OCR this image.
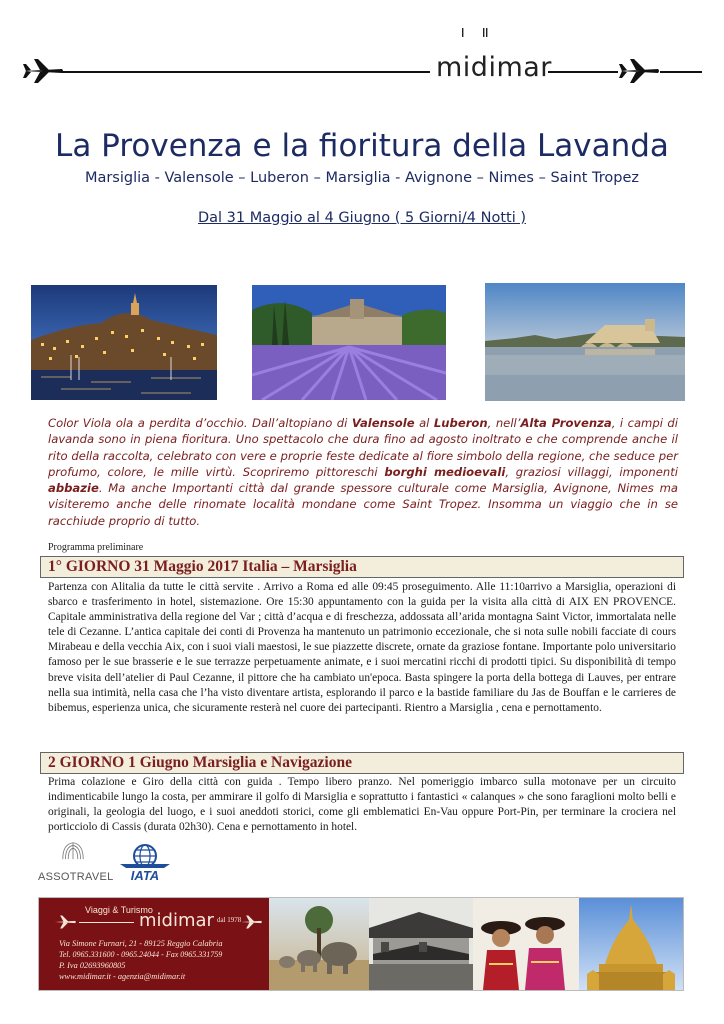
midimar
La Provenza e la fioritura della Lavanda
Marsiglia - Valensole – Luberon – Marsiglia - Avignone – Nimes – Saint Tropez
Dal 31 Maggio al 4 Giugno ( 5 Giorni/4 Notti )
Color Viola ola a perdita d’occhio. Dall’altopiano di Valensole al Luberon, nell’Alta Provenza, i campi di lavanda sono in piena fioritura. Uno spettacolo che dura fino ad agosto inoltrato e che comprende anche il rito della raccolta, celebrato con vere e proprie feste dedicate al fiore simbolo della regione, che seduce per profumo, colore, le mille virtù. Scopriremo pittoreschi borghi medioevali, graziosi villaggi, imponenti abbazie. Ma anche Importanti città dal grande spessore culturale come Marsiglia, Avignone, Nimes ma visiteremo anche delle rinomate località mondane come Saint Tropez. Insomma un viaggio che in se racchiude proprio di tutto.
Programma preliminare
1° GIORNO 31 Maggio 2017 Italia – Marsiglia
Partenza con Alitalia da tutte le città servite . Arrivo a Roma ed alle 09:45 proseguimento. Alle 11:10arrivo a Marsiglia, operazioni di sbarco e trasferimento in hotel, sistemazione. Ore 15:30 appuntamento con la guida per la visita alla città di AIX EN PROVENCE. Capitale amministrativa della regione del Var ; città d’acqua e di freschezza, addossata all’arida montagna Saint Victor, immortalata nelle tele di Cezanne. L’antica capitale dei conti di Provenza ha mantenuto un patrimonio eccezionale, che si nota sulle nobili facciate di cours Mirabeau e della vecchia Aix, con i suoi viali maestosi, le sue piazzette discrete, ornate da graziose fontane. Importante polo universitario famoso per le sue brasserie e le sue terrazze perpetuamente animate, e i suoi mercatini ricchi di prodotti tipici. Su disponibilità di tempo breve visita dell’atelier di Paul Cezanne, il pittore che ha cambiato un'epoca. Basta spingere la porta della bottega di Lauves, per entrare nella sua intimità, nella casa che l’ha visto diventare artista, esplorando il parco e la bastide familiare du Jas de Bouffan e le carrieres de bibemus, esperienza unica, che sicuramente resterà nel cuore dei partecipanti. Rientro a Marsiglia , cena e pernottamento.
2 GIORNO 1 Giugno Marsiglia e Navigazione
Prima colazione e Giro della città con guida . Tempo libero pranzo. Nel pomeriggio imbarco sulla motonave per un circuito indimenticabile lungo la costa, per ammirare il golfo di Marsiglia e soprattutto i fantastici « calanques » che sono faraglioni molto belli e originali, la geologia del luogo, e i suoi aneddoti storici, come gli emblematici En-Vau oppure Port-Pin, per terminare la crociera nel porticciolo di Cassis (durata 02h30). Cena e pernottamento in hotel.
ASSOTRAVEL IATA
Viaggi & Turismo
midimar dal 1978
Via Simone Furnari, 21 - 89125 Reggio Calabria
Tel. 0965.331600 - 0965.24044 - Fax 0965.331759
P. Iva 02693960805
www.midimar.it - agenzia@midimar.it
